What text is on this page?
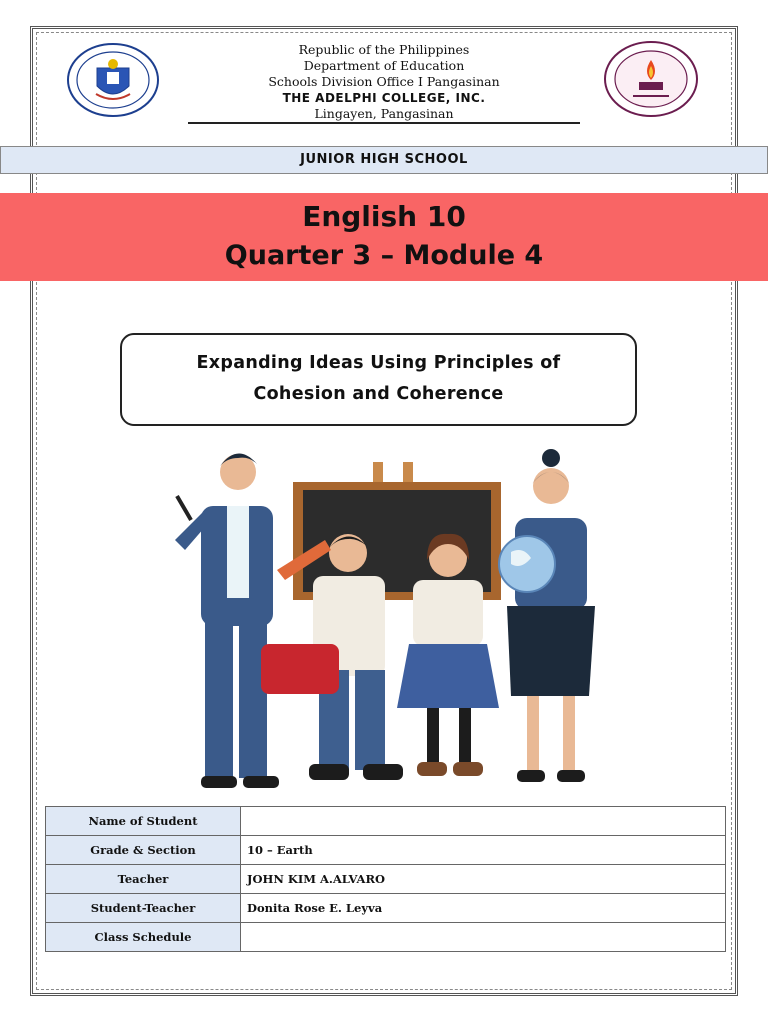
Republic of the Philippines
Department of Education
Schools Division Office I Pangasinan
THE ADELPHI COLLEGE, INC.
Lingayen, Pangasinan
JUNIOR HIGH SCHOOL
English 10
Quarter 3 – Module 4
Expanding Ideas Using Principles of
Cohesion and Coherence
Name of Student	
Grade & Section	10 – Earth
Teacher	JOHN KIM A.ALVARO
Student-Teacher	Donita Rose E. Leyva
Class Schedule	
